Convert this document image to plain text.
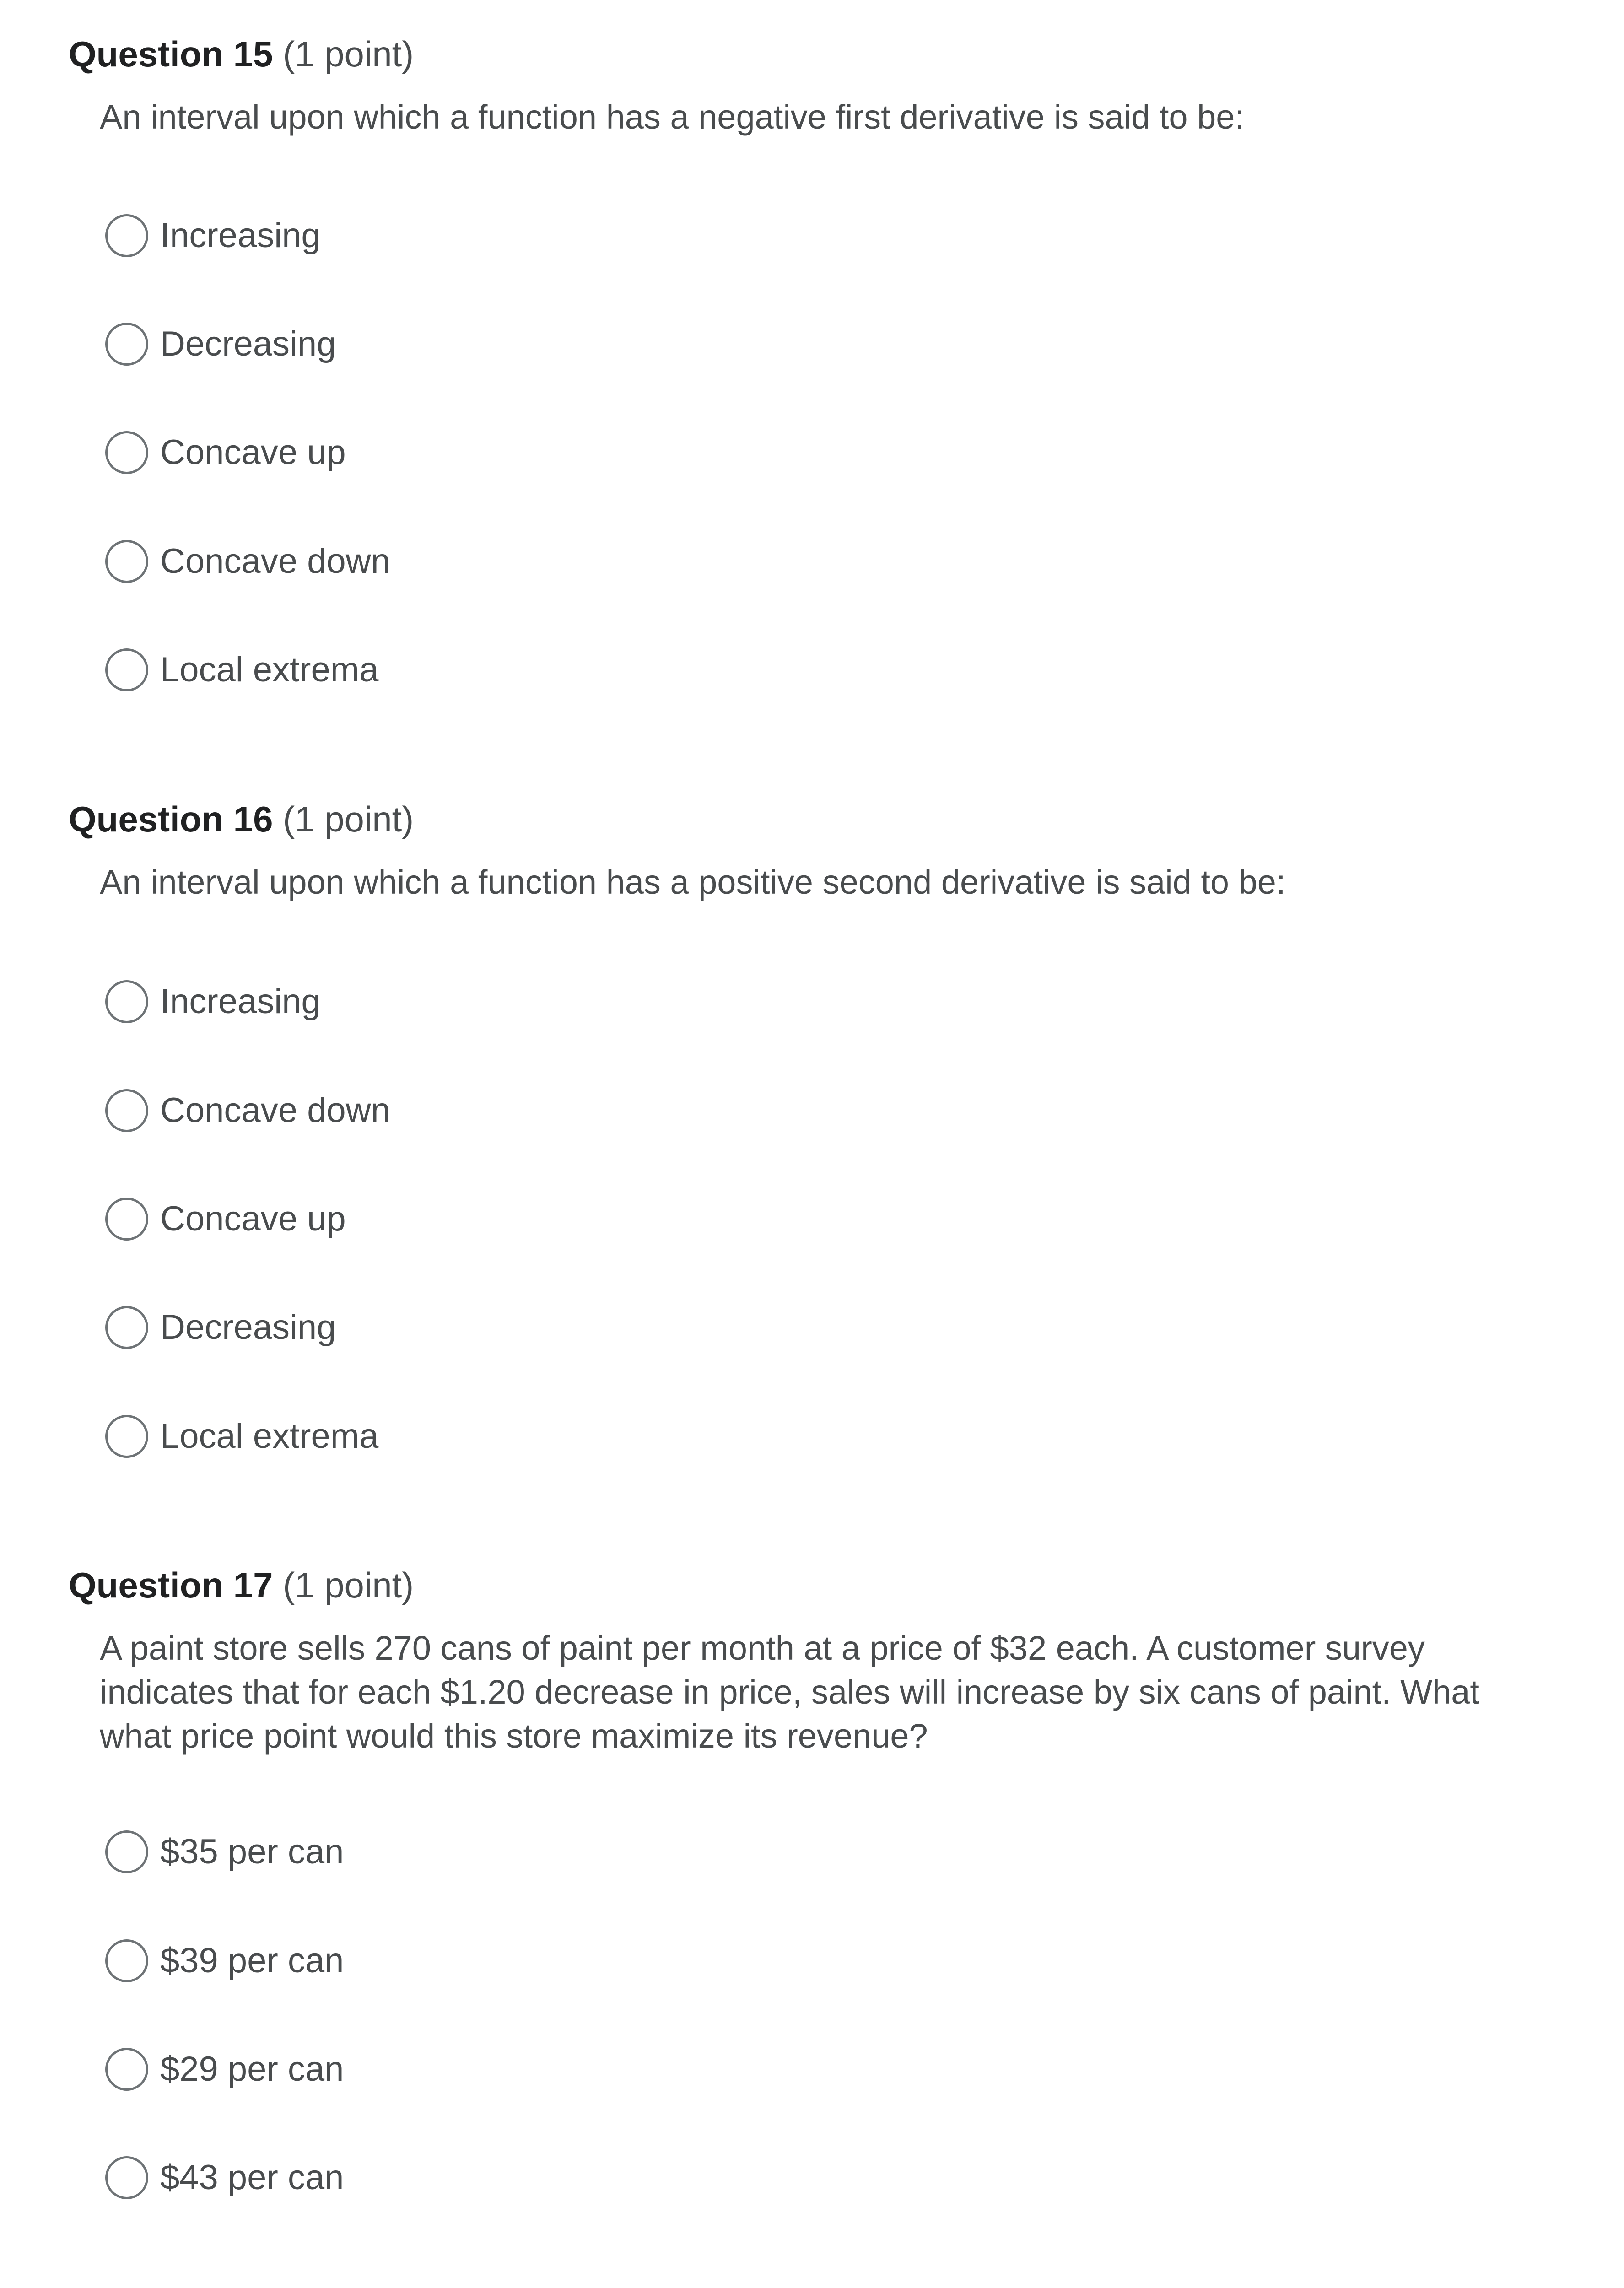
Question 15 (1 point)
An interval upon which a function has a negative first derivative is said to be:
Increasing
Decreasing
Concave up
Concave down
Local extrema
Question 16 (1 point)
An interval upon which a function has a positive second derivative is said to be:
Increasing
Concave down
Concave up
Decreasing
Local extrema
Question 17 (1 point)
A paint store sells 270 cans of paint per month at a price of $32 each. A customer survey indicates that for each $1.20 decrease in price, sales will increase by six cans of paint. What what price point would this store maximize its revenue?
$35 per can
$39 per can
$29 per can
$43 per can
